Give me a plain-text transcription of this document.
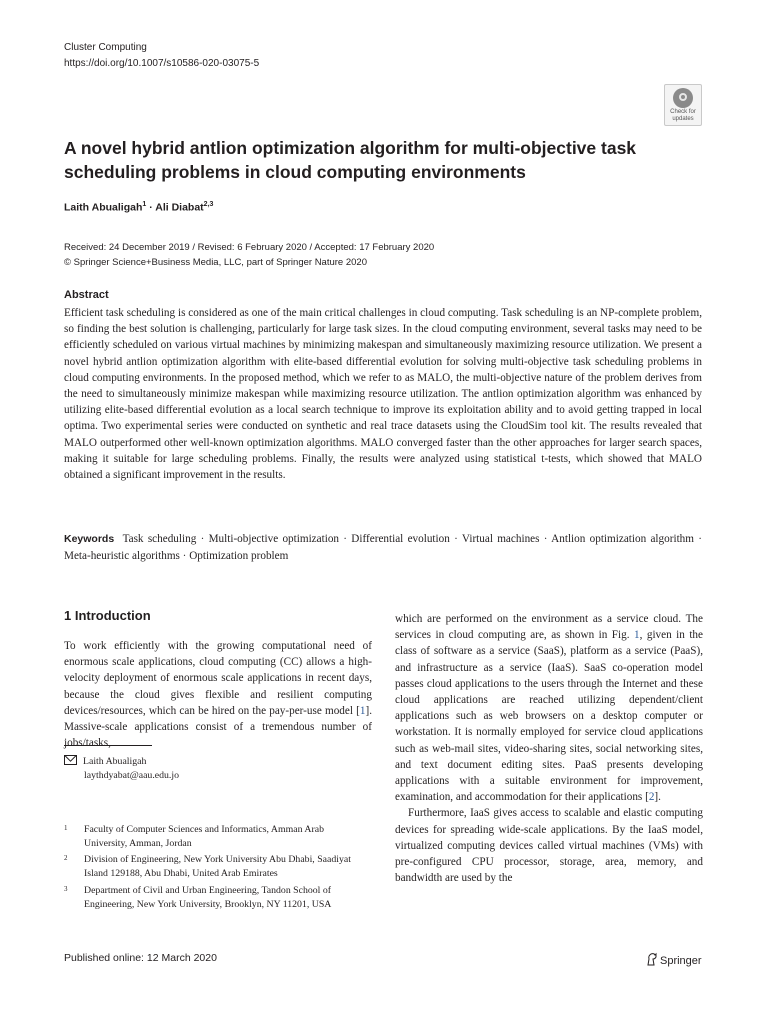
Cluster Computing
https://doi.org/10.1007/s10586-020-03075-5
Check for
updates
A novel hybrid antlion optimization algorithm for multi-objective task scheduling problems in cloud computing environments
Laith Abualigah$^1$ · Ali Diabat$^{2,3}$
Received: 24 December 2019 / Revised: 6 February 2020 / Accepted: 17 February 2020
© Springer Science+Business Media, LLC, part of Springer Nature 2020
Abstract

Efficient task scheduling is considered as one of the main critical challenges in cloud computing. Task scheduling is an NP-complete problem, so finding the best solution is challenging, particularly for large task sizes. In the cloud computing environment, several tasks may need to be efficiently scheduled on various virtual machines by minimizing makespan and simultaneously maximizing resource utilization. We present a novel hybrid antlion optimization algorithm with elite-based differential evolution for solving multi-objective task scheduling problems in cloud computing environments. In the proposed method, which we refer to as MALO, the multi-objective nature of the problem derives from the need to simultaneously minimize makespan while maximizing resource utilization. The antlion optimization algorithm was enhanced by utilizing elite-based differential evolution as a local search technique to improve its exploitation ability and to avoid getting trapped in local optima. Two experimental series were conducted on synthetic and real trace datasets using the CloudSim tool kit. The results revealed that MALO outperformed other well-known optimization algorithms. MALO converged faster than the other approaches for larger search spaces, making it suitable for large scheduling problems. Finally, the results were analyzed using statistical t-tests, which showed that MALO obtained a significant improvement in the results.

Keywords Task scheduling · Multi-objective optimization · Differential evolution · Virtual machines · Antlion optimization algorithm · Meta-heuristic algorithms · Optimization problem
1 Introduction

To work efficiently with the growing computational need of enormous scale applications, cloud computing (CC) allows a high-velocity deployment of enormous scale applications in recent days, because the cloud gives flexible and resilient computing devices/resources, which can be hired on the pay-per-use model [1]. Massive-scale applications consist of a tremendous number of jobs/tasks,

which are performed on the environment as a service cloud. The services in cloud computing are, as shown in Fig. 1, given in the class of software as a service (SaaS), platform as a service (PaaS), and infrastructure as a service (IaaS). SaaS co-operation model passes cloud applications to the users through the Internet and these cloud applications are reached utilizing dependent/client applications such as web browsers on a desktop computer or workstation. It is normally employed for service cloud applications such as web-mail sites, video-sharing sites, social networking sites, and text document editing sites. PaaS presents developing applications with a suitable environment for improvement, examination, and accommodation for their applications [2].

Furthermore, IaaS gives access to scalable and elastic computing devices for spreading wide-scale applications. By the IaaS model, virtualized computing devices called virtual machines (VMs) with pre-configured CPU processor, storage, area, memory, and bandwidth are used by the

Laith Abualigah
laythdyabat@aau.edu.jo
1	Faculty of Computer Sciences and Informatics, Amman Arab University, Amman, Jordan
2	Division of Engineering, New York University Abu Dhabi, Saadiyat Island 129188, Abu Dhabi, United Arab Emirates
3	Department of Civil and Urban Engineering, Tandon School of Engineering, New York University, Brooklyn, NY 11201, USA
Published online: 12 March 2020	Springer
